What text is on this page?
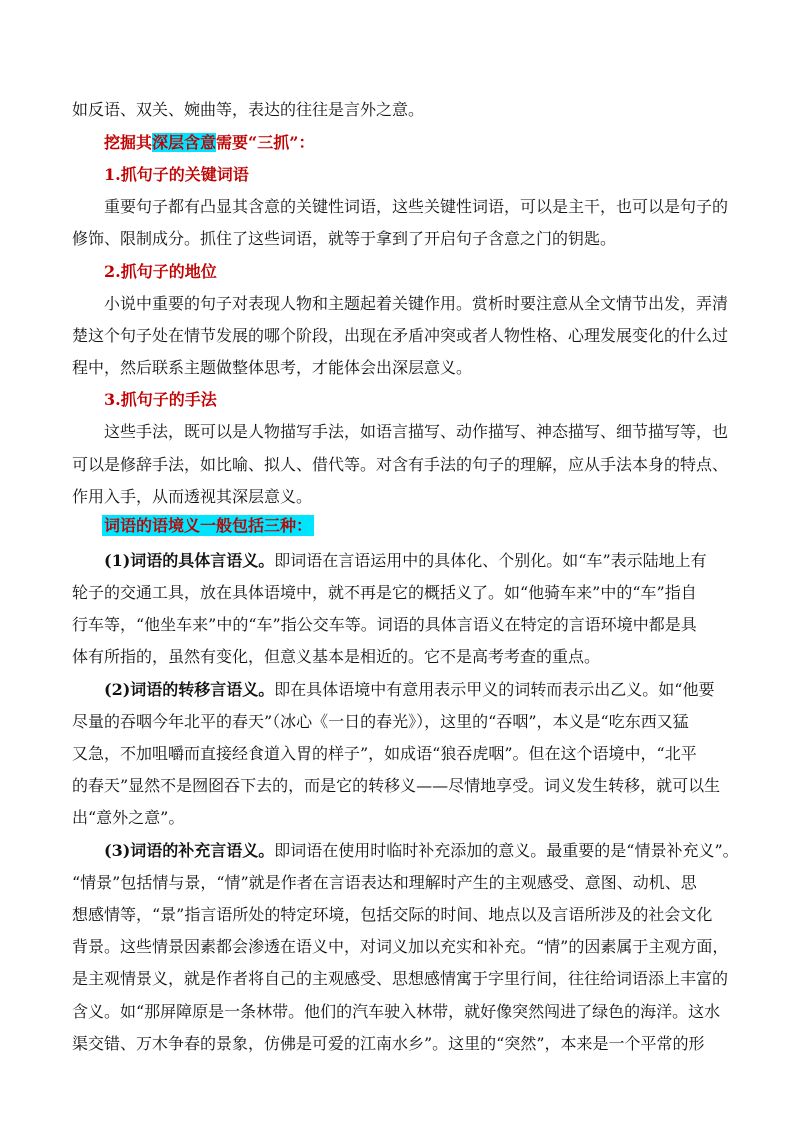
如反语、双关、婉曲等，表达的往往是言外之意。
挖掘其深层含意需要“三抓”：
1.抓句子的关键词语
重要句子都有凸显其含意的关键性词语，这些关键性词语，可以是主干，也可以是句子的
修饰、限制成分。抓住了这些词语，就等于拿到了开启句子含意之门的钥匙。
2.抓句子的地位
小说中重要的句子对表现人物和主题起着关键作用。赏析时要注意从全文情节出发，弄清
楚这个句子处在情节发展的哪个阶段，出现在矛盾冲突或者人物性格、心理发展变化的什么过
程中，然后联系主题做整体思考，才能体会出深层意义。
3.抓句子的手法
这些手法，既可以是人物描写手法，如语言描写、动作描写、神态描写、细节描写等，也
可以是修辞手法，如比喻、拟人、借代等。对含有手法的句子的理解，应从手法本身的特点、
作用入手，从而透视其深层意义。
词语的语境义一般包括三种：
(1)词语的具体言语义。即词语在言语运用中的具体化、个别化。如“车”表示陆地上有
轮子的交通工具，放在具体语境中，就不再是它的概括义了。如“他骑车来”中的“车”指自
行车等，“他坐车来”中的“车”指公交车等。词语的具体言语义在特定的言语环境中都是具
体有所指的，虽然有变化，但意义基本是相近的。它不是高考考查的重点。
(2)词语的转移言语义。即在具体语境中有意用表示甲义的词转而表示出乙义。如“他要
尽量的吞咽今年北平的春天”（冰心《一日的春光》），这里的“吞咽”，本义是“吃东西又猛
又急，不加咀嚼而直接经食道入胃的样子”，如成语“狼吞虎咽”。但在这个语境中，“北平
的春天”显然不是囫囵吞下去的，而是它的转移义——尽情地享受。词义发生转移，就可以生
出“意外之意”。
(3)词语的补充言语义。即词语在使用时临时补充添加的意义。最重要的是“情景补充义”。
“情景”包括情与景，“情”就是作者在言语表达和理解时产生的主观感受、意图、动机、思
想感情等，“景”指言语所处的特定环境，包括交际的时间、地点以及言语所涉及的社会文化
背景。这些情景因素都会渗透在语义中，对词义加以充实和补充。“情”的因素属于主观方面，
是主观情景义，就是作者将自己的主观感受、思想感情寓于字里行间，往往给词语添上丰富的
含义。如“那屏障原是一条林带。他们的汽车驶入林带，就好像突然闯进了绿色的海洋。这水
渠交错、万木争春的景象，仿佛是可爱的江南水乡”。这里的“突然”，本来是一个平常的形
